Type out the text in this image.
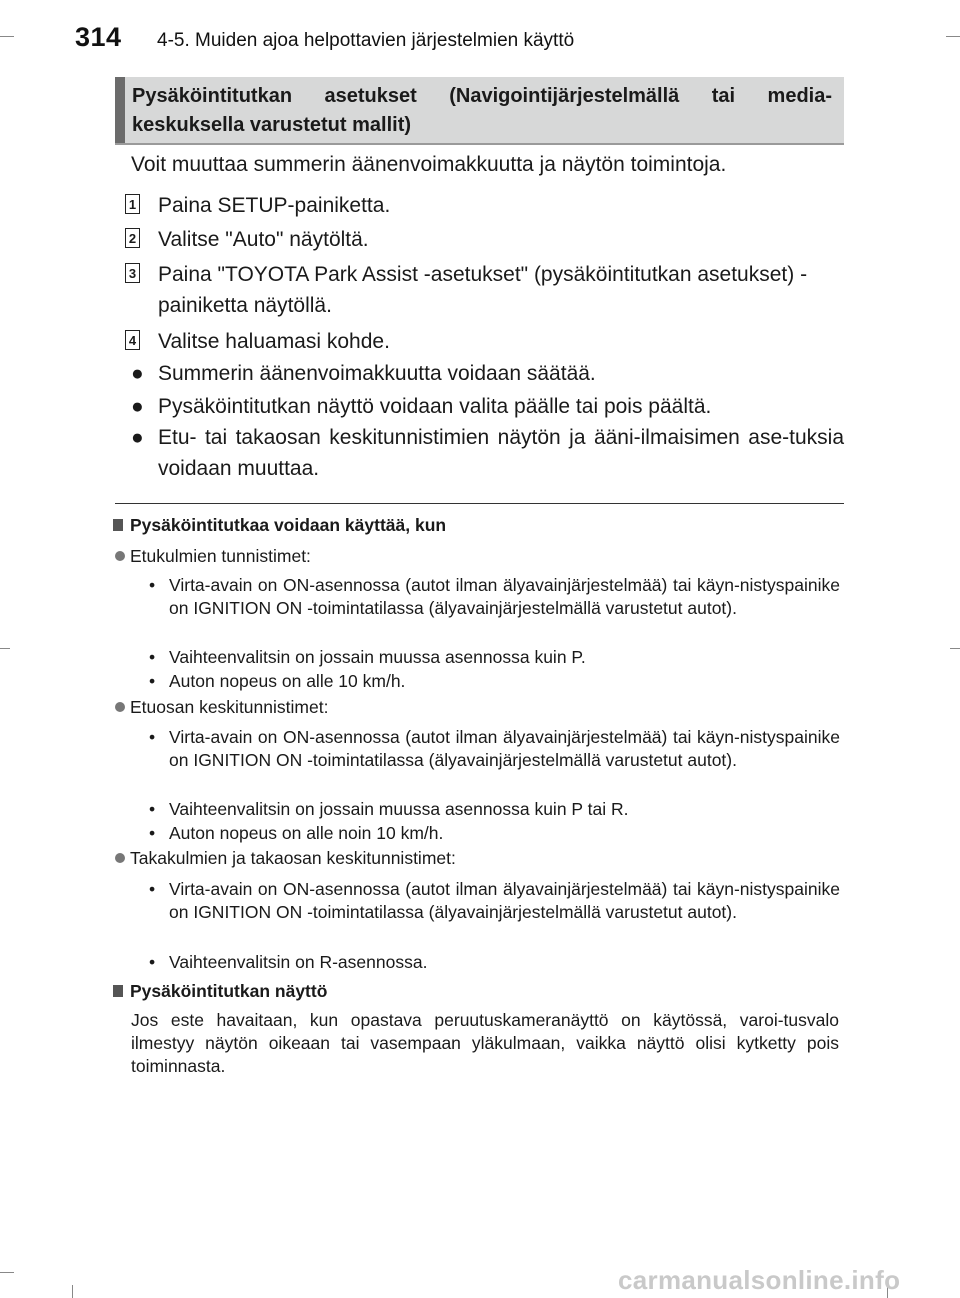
314 4-5. Muiden ajoa helpottavien järjestelmien käyttö
Pysäköintitutkan asetukset (Navigointijärjestelmällä tai media-keskuksella varustetut mallit)
Voit muuttaa summerin äänenvoimakkuutta ja näytön toimintoja.
1 Paina SETUP-painiketta.
2 Valitse "Auto" näytöltä.
3 Paina "TOYOTA Park Assist -asetukset" (pysäköintitutkan asetukset) -painiketta näytöllä.
4 Valitse haluamasi kohde.
● Summerin äänenvoimakkuutta voidaan säätää.
● Pysäköintitutkan näyttö voidaan valita päälle tai pois päältä.
● Etu- tai takaosan keskitunnistimien näytön ja ääni-ilmaisimen ase-tuksia voidaan muuttaa.
Pysäköintitutkaa voidaan käyttää, kun
Etukulmien tunnistimet:
• Virta-avain on ON-asennossa (autot ilman älyavainjärjestelmää) tai käyn-nistyspainike on IGNITION ON -toimintatilassa (älyavainjärjestelmällä varustetut autot).
• Vaihteenvalitsin on jossain muussa asennossa kuin P.
• Auton nopeus on alle 10 km/h.
Etuosan keskitunnistimet:
• Virta-avain on ON-asennossa (autot ilman älyavainjärjestelmää) tai käyn-nistyspainike on IGNITION ON -toimintatilassa (älyavainjärjestelmällä varustetut autot).
• Vaihteenvalitsin on jossain muussa asennossa kuin P tai R.
• Auton nopeus on alle noin 10 km/h.
Takakulmien ja takaosan keskitunnistimet:
• Virta-avain on ON-asennossa (autot ilman älyavainjärjestelmää) tai käyn-nistyspainike on IGNITION ON -toimintatilassa (älyavainjärjestelmällä varustetut autot).
• Vaihteenvalitsin on R-asennossa.
Pysäköintitutkan näyttö
Jos este havaitaan, kun opastava peruutuskameranäyttö on käytössä, varoi-tusvalo ilmestyy näytön oikeaan tai vasempaan yläkulmaan, vaikka näyttö olisi kytketty pois toiminnasta.
carmanualsonline.info
